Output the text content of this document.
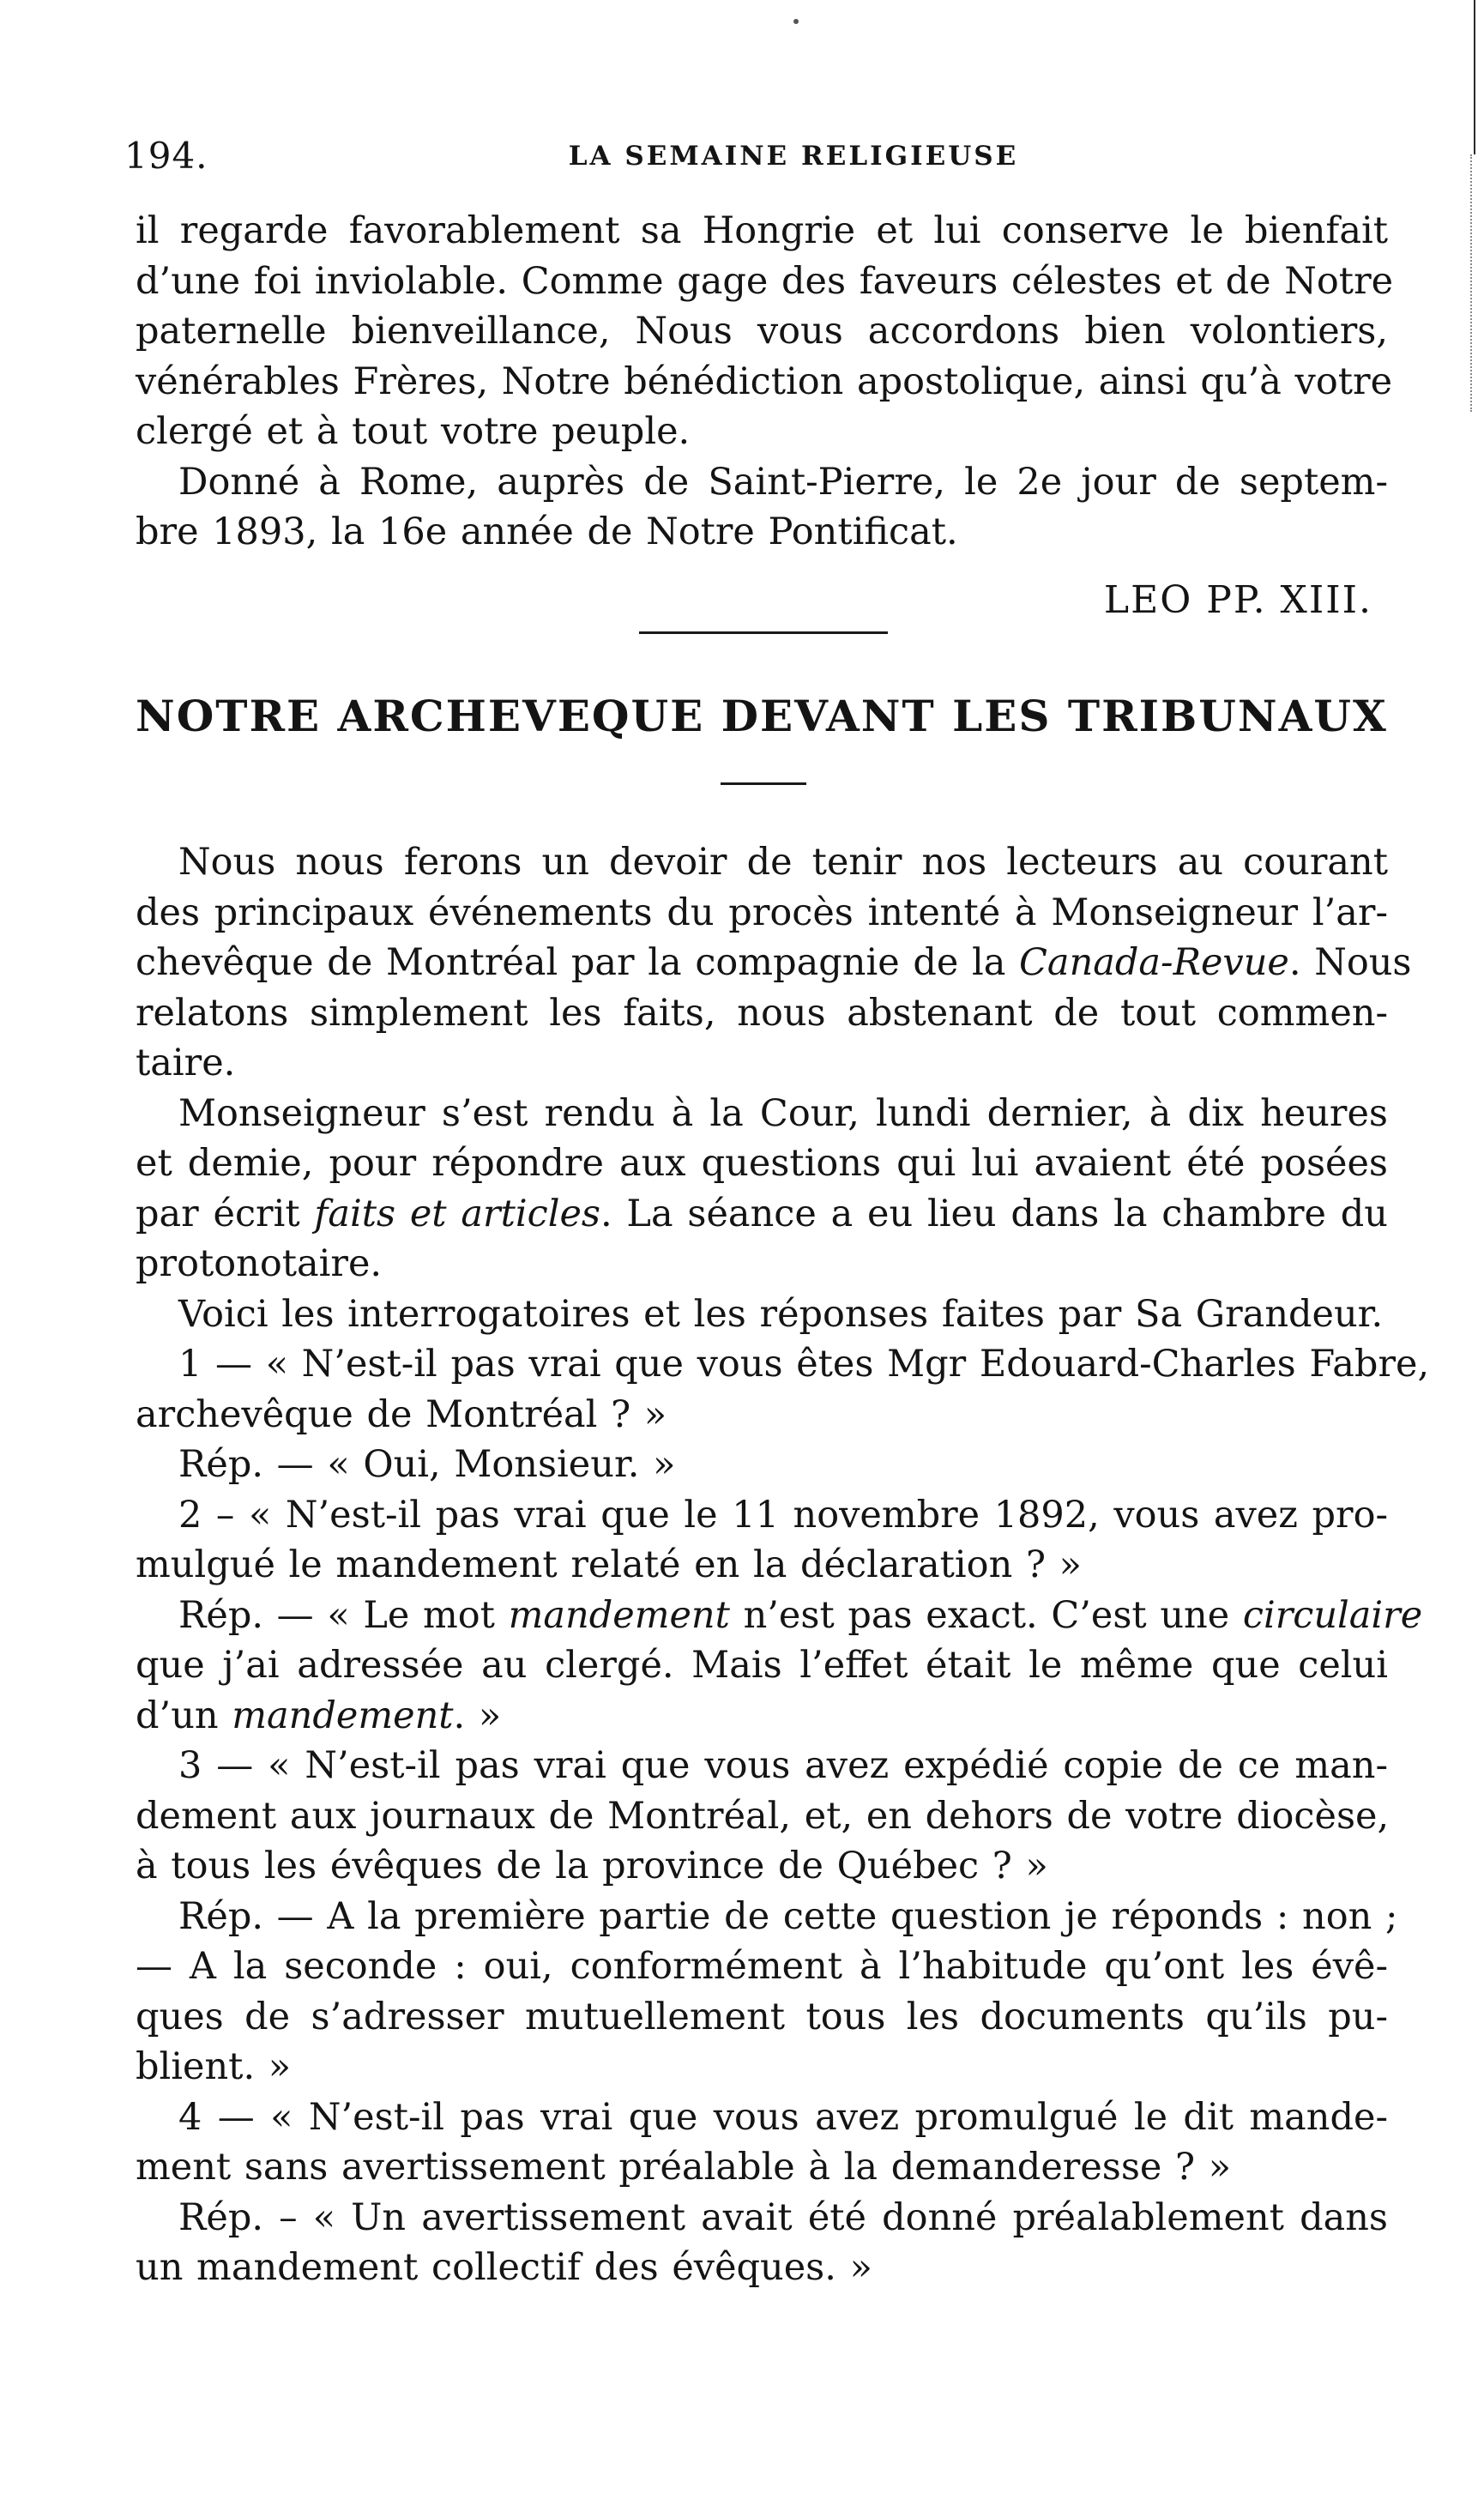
194.	LA SEMAINE RELIGIEUSE
il regarde favorablement sa Hongrie et lui conserve le bienfait
d’une foi inviolable. Comme gage des faveurs célestes et de Notre
paternelle bienveillance, Nous vous accordons bien volontiers,
vénérables Frères, Notre bénédiction apostolique, ainsi qu’à votre
clergé et à tout votre peuple.
Donné à Rome, auprès de Saint-Pierre, le 2e jour de septem-
bre 1893, la 16e année de Notre Pontificat.
LEO PP. XIII.
NOTRE ARCHEVEQUE DEVANT LES TRIBUNAUX
Nous nous ferons un devoir de tenir nos lecteurs au courant
des principaux événements du procès intenté à Monseigneur l’ar-
chevêque de Montréal par la compagnie de la Canada-Revue. Nous
relatons simplement les faits, nous abstenant de tout commen-
taire.
Monseigneur s’est rendu à la Cour, lundi dernier, à dix heures
et demie, pour répondre aux questions qui lui avaient été posées
par écrit faits et articles. La séance a eu lieu dans la chambre du
protonotaire.
Voici les interrogatoires et les réponses faites par Sa Grandeur.
1 — « N’est-il pas vrai que vous êtes Mgr Edouard-Charles Fabre,
archevêque de Montréal ? »
Rép. — « Oui, Monsieur. »
2 – « N’est-il pas vrai que le 11 novembre 1892, vous avez pro-
mulgué le mandement relaté en la déclaration ? »
Rép. — « Le mot mandement n’est pas exact. C’est une circulaire
que j’ai adressée au clergé. Mais l’effet était le même que celui
d’un mandement. »
3 — « N’est-il pas vrai que vous avez expédié copie de ce man-
dement aux journaux de Montréal, et, en dehors de votre diocèse,
à tous les évêques de la province de Québec ? »
Rép. — A la première partie de cette question je réponds : non ;
— A la seconde : oui, conformément à l’habitude qu’ont les évê-
ques de s’adresser mutuellement tous les documents qu’ils pu-
blient. »
4 — « N’est-il pas vrai que vous avez promulgué le dit mande-
ment sans avertissement préalable à la demanderesse ? »
Rép. – « Un avertissement avait été donné préalablement dans
un mandement collectif des évêques. »
